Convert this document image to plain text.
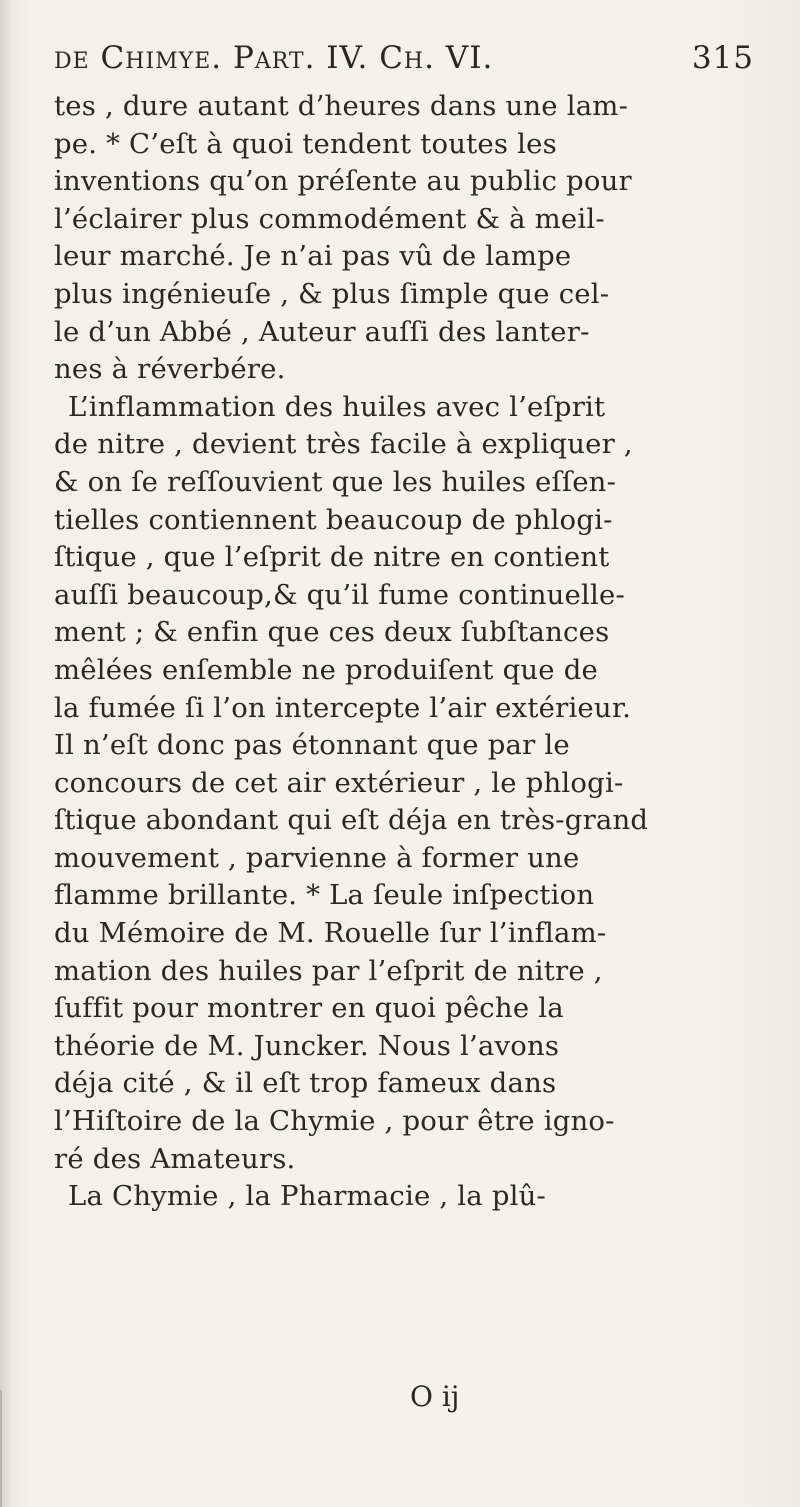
de Chimye. Part. IV. Ch. VI.	315
tes , dure autant d’heures dans une lam-
pe. * C’eſt à quoi tendent toutes les
inventions qu’on préſente au public pour
l’éclairer plus commodément & à meil-
leur marché. Je n’ai pas vû de lampe
plus ingénieuſe , & plus ſimple que cel-
le d’un Abbé , Auteur auſſi des lanter-
nes à réverbére.
L’inflammation des huiles avec l’eſprit
de nitre , devient très facile à expliquer ,
& on ſe reſſouvient que les huiles eſſen-
tielles contiennent beaucoup de phlogi-
ſtique , que l’eſprit de nitre en contient
auſſi beaucoup,& qu’il fume continuelle-
ment ; & enfin que ces deux ſubſtances
mêlées enſemble ne produiſent que de
la fumée ſi l’on intercepte l’air extérieur.
Il n’eſt donc pas étonnant que par le
concours de cet air extérieur , le phlogi-
ſtique abondant qui eſt déja en très-grand
mouvement , parvienne à former une
flamme brillante. * La ſeule inſpection
du Mémoire de M. Rouelle ſur l’inflam-
mation des huiles par l’eſprit de nitre ,
ſuffit pour montrer en quoi pêche la
théorie de M. Juncker. Nous l’avons
déja cité , & il eſt trop fameux dans
l’Hiſtoire de la Chymie , pour être igno-
ré des Amateurs.
La Chymie , la Pharmacie , la plû-
O ij
